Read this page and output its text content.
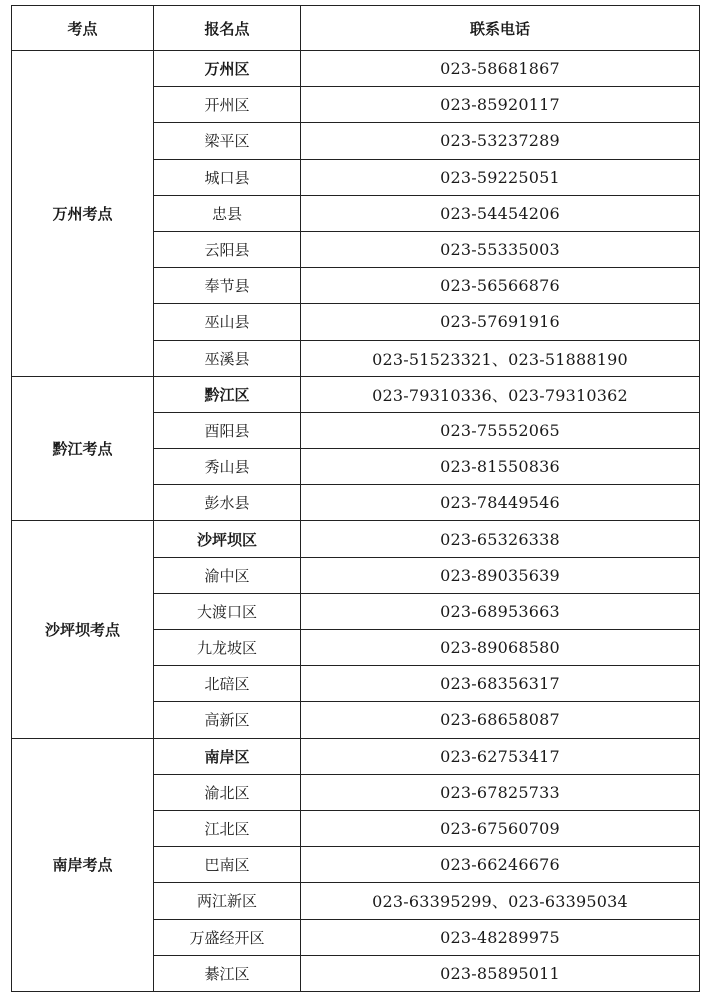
考点	报名点	联系电话
万州考点	万州区	023-58681867
	开州区	023-85920117
	梁平区	023-53237289
	城口县	023-59225051
	忠县	023-54454206
	云阳县	023-55335003
	奉节县	023-56566876
	巫山县	023-57691916
	巫溪县	023-51523321、023-51888190
黔江考点	黔江区	023-79310336、023-79310362
	酉阳县	023-75552065
	秀山县	023-81550836
	彭水县	023-78449546
沙坪坝考点	沙坪坝区	023-65326338
	渝中区	023-89035639
	大渡口区	023-68953663
	九龙坡区	023-89068580
	北碚区	023-68356317
	高新区	023-68658087
南岸考点	南岸区	023-62753417
	渝北区	023-67825733
	江北区	023-67560709
	巴南区	023-66246676
	两江新区	023-63395299、023-63395034
	万盛经开区	023-48289975
	綦江区	023-85895011
